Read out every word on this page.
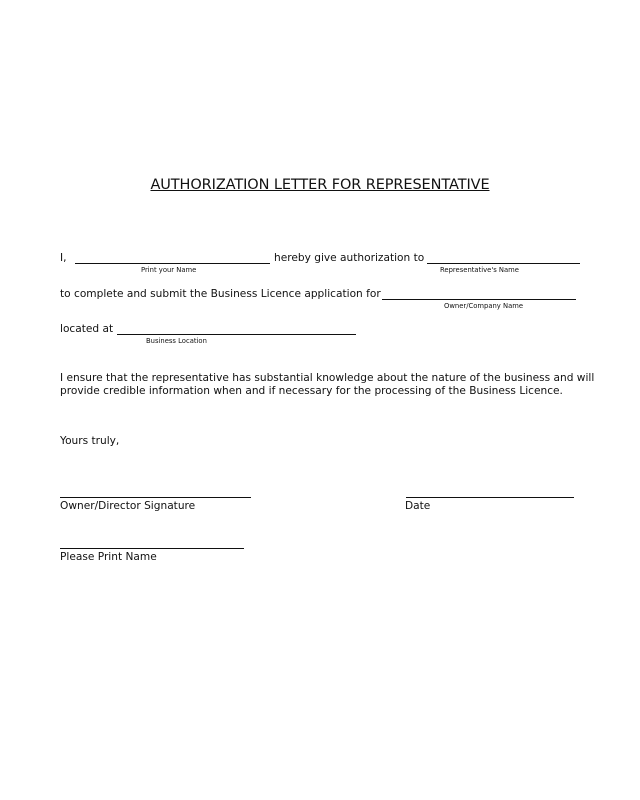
AUTHORIZATION LETTER FOR REPRESENTATIVE
I,	hereby give authorization to
Print your Name	Representative's Name
to complete and submit the Business Licence application for
Owner/Company Name
located at
Business Location
I ensure that the representative has substantial knowledge about the nature of the business and will
provide credible information when and if necessary for the processing of the Business Licence.
Yours truly,
Owner/Director Signature	Date
Please Print Name
